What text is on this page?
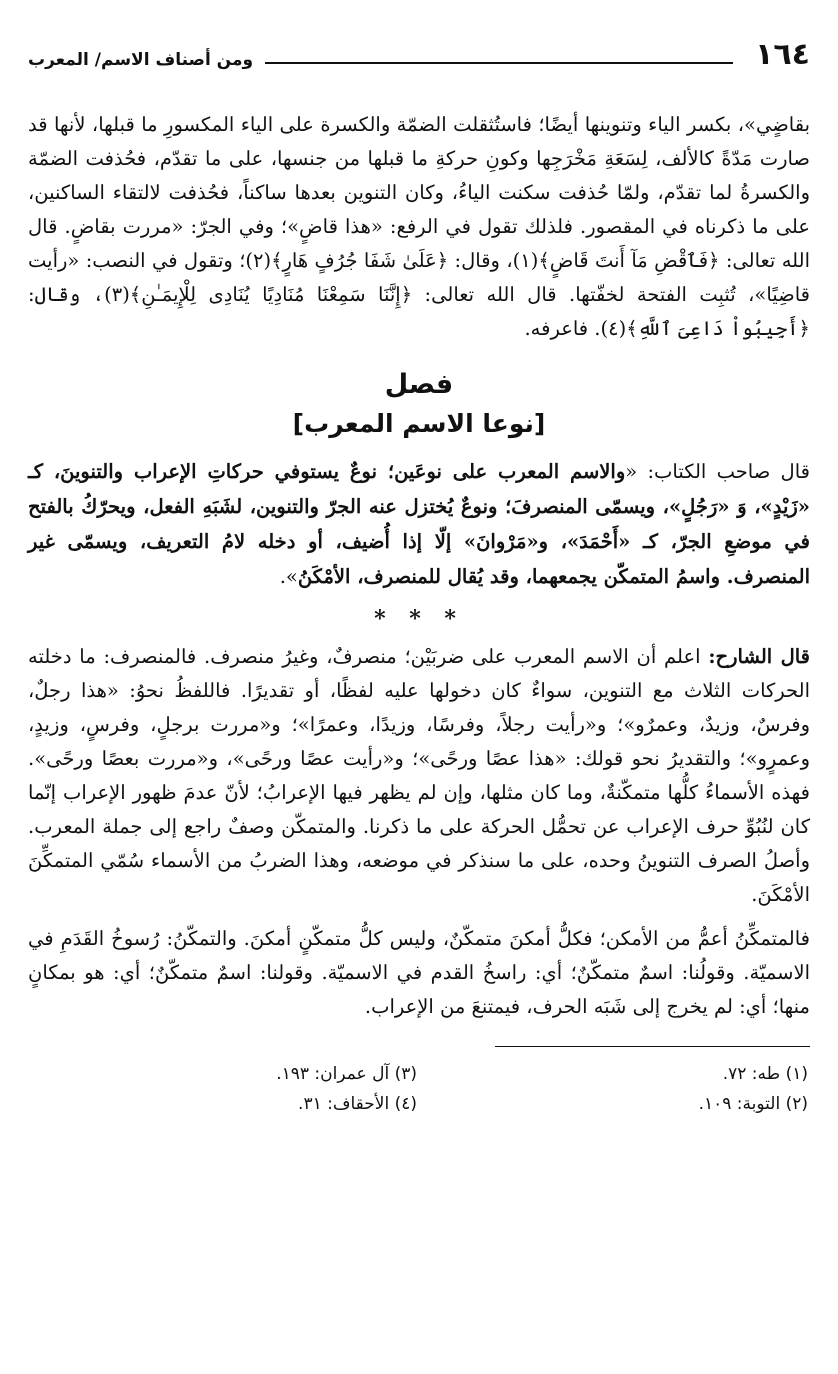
١٦٤
ومن أصناف الاسم/ المعرب

بقاضٍي»، بكسر الياء وتنوينها أيضًا؛ فاستُثقلت الضمّة والكسرة على الياء المكسورِ ما قبلها، لأنها قد صارت مَدّةً كالألف، لِسَعَةِ مَخْرَجِها وكونِ حركةِ ما قبلها من جنسها، على ما تقدّم، فحُذفت الضمّة والكسرةُ لما تقدّم، ولمّا حُذفت سكنت الياءُ، وكان التنوين بعدها ساكناً، فحُذفت لالتقاء الساكنين، على ما ذكرناه في المقصور. فلذلك تقول في الرفع: «هذا قاضٍ»؛ وفي الجرّ: «مررت بقاضٍ. قال الله تعالى: ﴿فَٱقْضِ مَآ أَنتَ قَاضٍ﴾(١)، وقال: ﴿عَلَىٰ شَفَا جُرُفٍ هَارٍ﴾(٢)؛ وتقول في النصب: «رأيت قاضِيًا»، تُثبِت الفتحة لخفّتها. قال الله تعالى: ﴿إِنَّنَا سَمِعْنَا مُنَادِيًا يُنَادِى لِلْإِيمَـٰنِ﴾(٣)، وقال: ﴿أَجِيبُواْ دَاعِىَ ٱللَّهِ﴾(٤). فاعرفه.

فصل
[نوعا الاسم المعرب]

قال صاحب الكتاب: «والاسم المعرب على نوعَين؛ نوعٌ يستوفي حركاتِ الإعراب والتنوينَ، كـ «زَيْدٍ»، وَ «رَجُلٍ»، ويسمّى المنصرفَ؛ ونوعٌ يُختزل عنه الجرّ والتنوين، لشَبَهِ الفعل، ويحرّكُ بالفتح في موضعِ الجرّ، كـ «أَحْمَدَ»، و«مَرْوانَ» إلّا إذا أُضيف، أو دخله لامُ التعريف، ويسمّى غير المنصرف. واسمُ المتمكّن يجمعهما، وقد يُقال للمنصرف، الأمْكَنُ».

* * *

قال الشارح: اعلم أن الاسم المعرب على ضربَيْن؛ منصرفٌ، وغيرُ منصرف. فالمنصرف: ما دخلته الحركات الثلاث مع التنوين، سواءٌ كان دخولها عليه لفظًا، أو تقديرًا. فاللفظُ نحوُ: «هذا رجلٌ، وفرسٌ، وزيدٌ، وعمرٌو»؛ و«رأيت رجلاً، وفرسًا، وزيدًا، وعمرًا»؛ و«مررت برجلٍ، وفرسٍ، وزيدٍ، وعمرٍو»؛ والتقديرُ نحو قولك: «هذا عصًا ورحًى»؛ و«رأيت عصًا ورحًى»، و«مررت بعصًا ورحًى». فهذه الأسماءُ كلُّها متمكّنةٌ، وما كان مثلها، وإن لم يظهر فيها الإعرابُ؛ لأنّ عدمَ ظهور الإعراب إنّما كان لنُبُوِّ حرف الإعراب عن تحمُّل الحركة على ما ذكرنا. والمتمكّن وصفٌ راجع إلى جملة المعرب. وأصلُ الصرف التنوينُ وحده، على ما سنذكر في موضعه، وهذا الضربُ من الأسماء سُمّي المتمكِّنَ الأمْكَنَ.

فالمتمكِّنُ أعمُّ من الأمكن؛ فكلُّ أمكنَ متمكّنٌ، وليس كلُّ متمكّنٍ أمكنَ. والتمكّنُ: رُسوخُ القَدَمِ في الاسميّة. وقولُنا: اسمٌ متمكّنٌ؛ أي: راسخُ القدم في الاسميّة. وقولنا: اسمٌ متمكّنٌ؛ أي: هو بمكانٍ منها؛ أي: لم يخرج إلى شَبَه الحرف، فيمتنعَ من الإعراب.

(١) طه: ٧٢.
(٣) آل عمران: ١٩٣.
(٢) التوبة: ١٠٩.
(٤) الأحقاف: ٣١.
